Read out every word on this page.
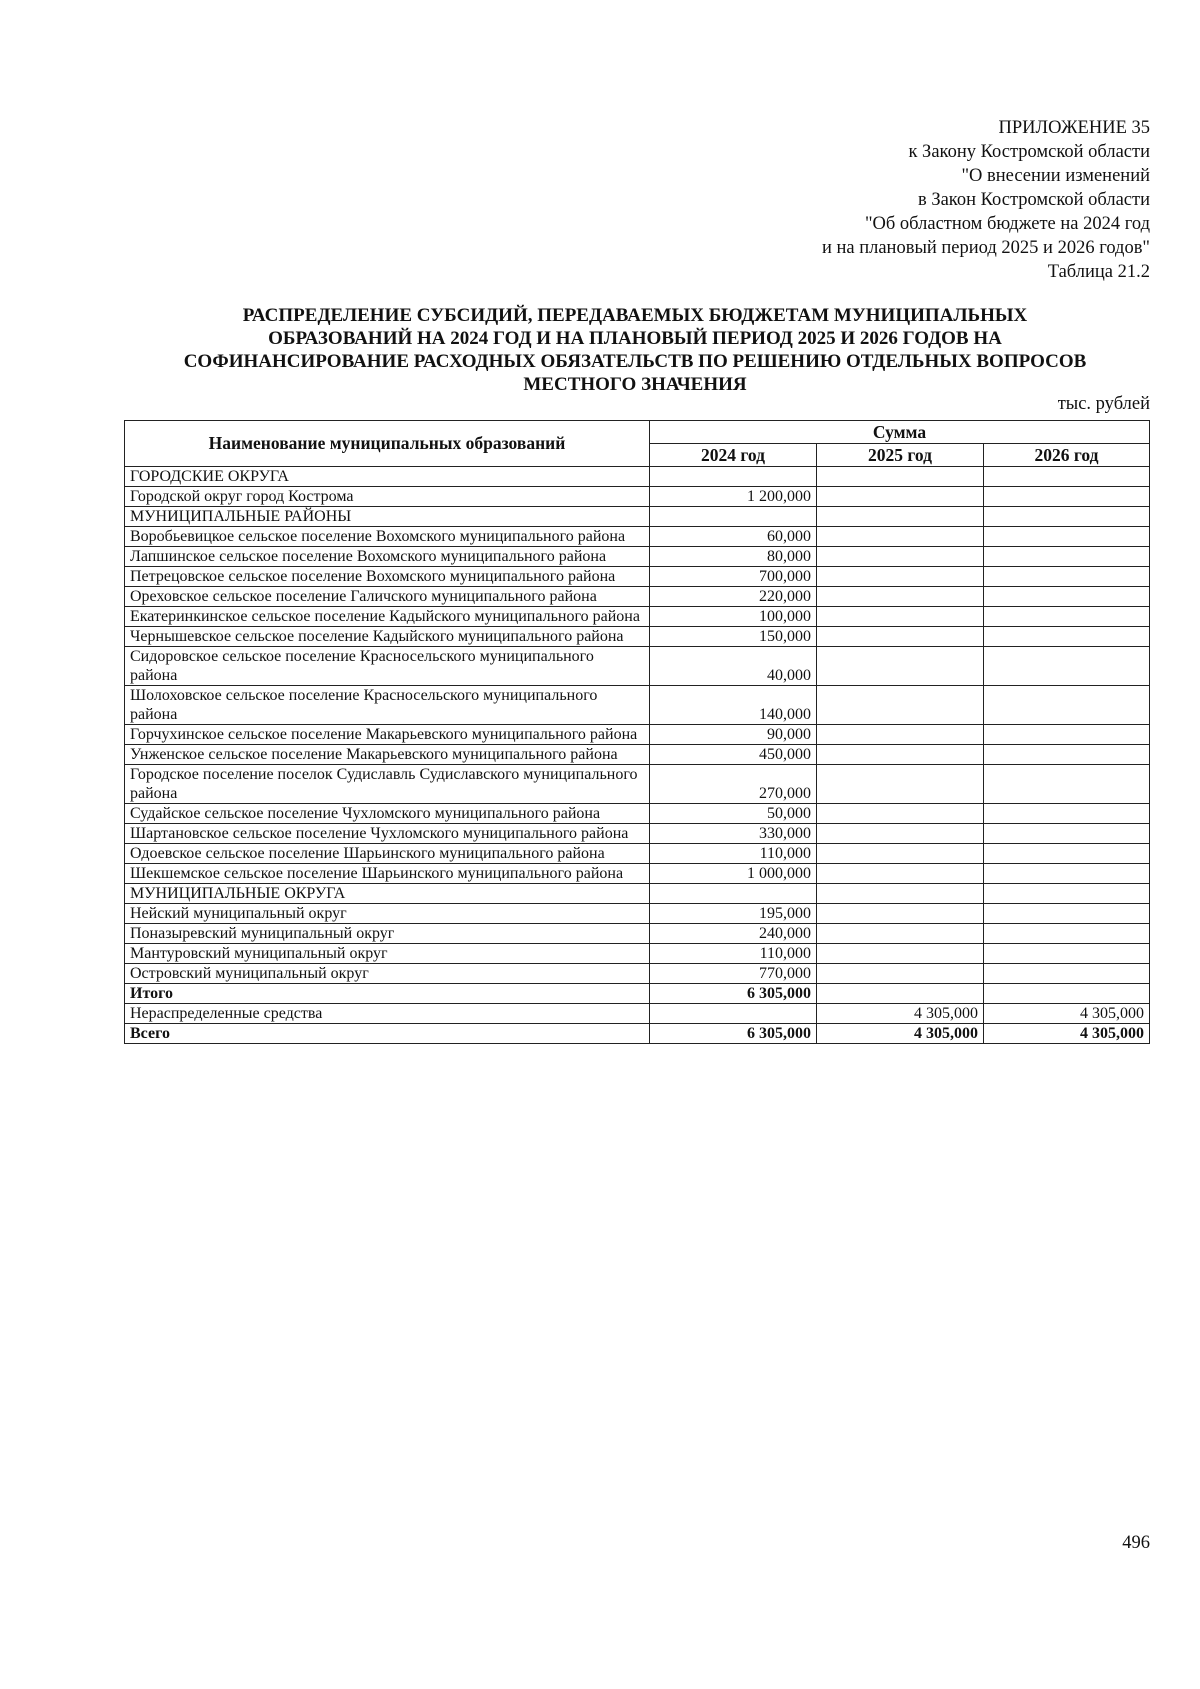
ПРИЛОЖЕНИЕ 35
к Закону Костромской области
"О внесении изменений
в Закон Костромской области
"Об областном бюджете на 2024 год
и на плановый период 2025 и 2026 годов"
Таблица 21.2
РАСПРЕДЕЛЕНИЕ СУБСИДИЙ, ПЕРЕДАВАЕМЫХ БЮДЖЕТАМ МУНИЦИПАЛЬНЫХ
ОБРАЗОВАНИЙ НА 2024 ГОД И НА ПЛАНОВЫЙ ПЕРИОД 2025 И 2026 ГОДОВ НА
СОФИНАНСИРОВАНИЕ РАСХОДНЫХ ОБЯЗАТЕЛЬСТВ ПО РЕШЕНИЮ ОТДЕЛЬНЫХ ВОПРОСОВ
МЕСТНОГО ЗНАЧЕНИЯ
тыс. рублей
Наименование муниципальных образований	Сумма		
	2024 год	2025 год	2026 год
ГОРОДСКИЕ ОКРУГА			
Городской округ город Кострома	1 200,000		
МУНИЦИПАЛЬНЫЕ РАЙОНЫ			
Воробьевицкое сельское поселение Вохомского муниципального района	60,000		
Лапшинское сельское поселение Вохомского муниципального района	80,000		
Петрецовское сельское поселение Вохомского муниципального района	700,000		
Ореховское сельское поселение Галичского муниципального района	220,000		
Екатеринкинское сельское поселение Кадыйского муниципального района	100,000		
Чернышевское сельское поселение Кадыйского муниципального района	150,000		
Сидоровское сельское поселение Красносельского муниципального района	40,000		
Шолоховское сельское поселение Красносельского муниципального района	140,000		
Горчухинское сельское поселение Макарьевского муниципального района	90,000		
Унженское сельское поселение Макарьевского муниципального района	450,000		
Городское поселение поселок Судиславль Судиславского муниципального района	270,000		
Судайское сельское поселение Чухломского муниципального района	50,000		
Шартановское сельское поселение Чухломского муниципального района	330,000		
Одоевское сельское поселение Шарьинского муниципального района	110,000		
Шекшемское сельское поселение Шарьинского муниципального района	1 000,000		
МУНИЦИПАЛЬНЫЕ ОКРУГА			
Нейский муниципальный округ	195,000		
Поназыревский муниципальный округ	240,000		
Мантуровский муниципальный округ	110,000		
Островский муниципальный округ	770,000		
Итого	6 305,000		
Нераспределенные средства		4 305,000	4 305,000
Всего	6 305,000	4 305,000	4 305,000
496
